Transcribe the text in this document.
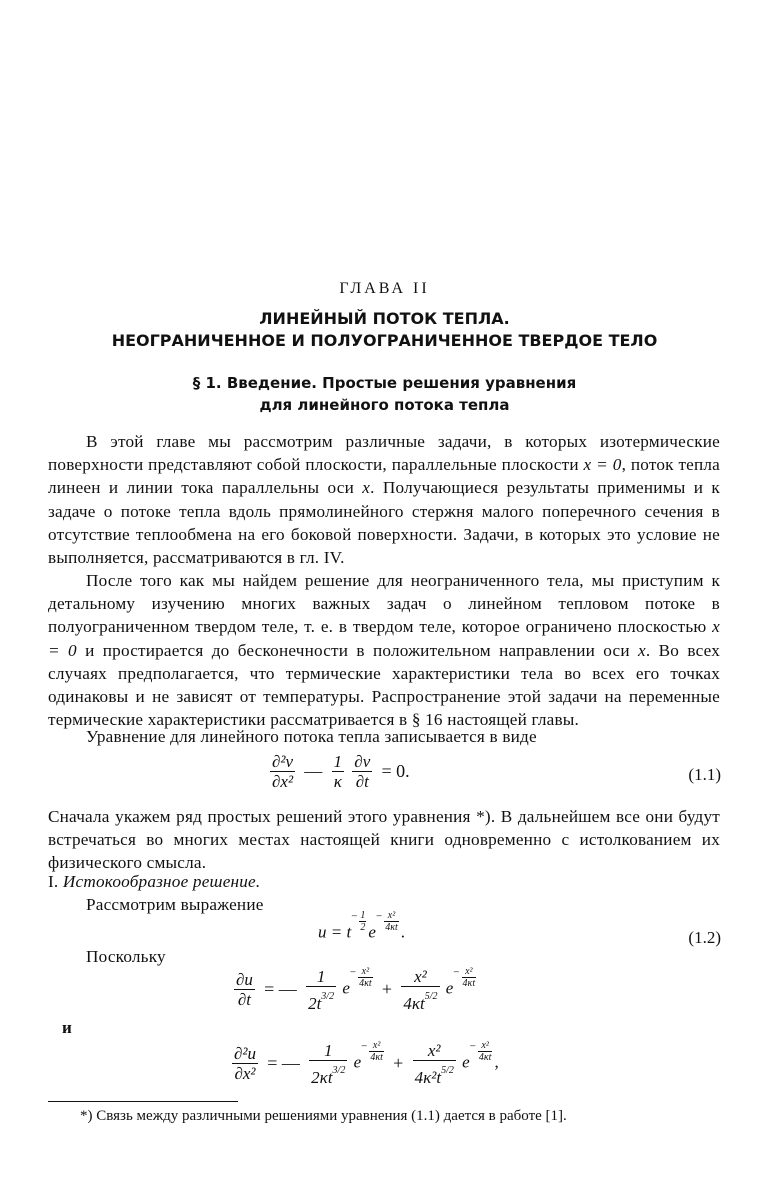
ГЛАВА II
ЛИНЕЙНЫЙ ПОТОК ТЕПЛА.
НЕОГРАНИЧЕННОЕ И ПОЛУОГРАНИЧЕННОЕ ТВЕРДОЕ ТЕЛО
§ 1. Введение. Простые решения уравнения
для линейного потока тепла

В этой главе мы рассмотрим различные задачи, в которых изотермические поверхности представляют собой плоскости, параллельные плоскости x = 0, поток тепла линеен и линии тока параллельны оси x. Получающиеся результаты применимы и к задаче о потоке тепла вдоль прямолинейного стержня малого поперечного сечения в отсутствие теплообмена на его боковой поверхности. Задачи, в которых это условие не выполняется, рассматриваются в гл. IV.

После того как мы найдем решение для неограниченного тела, мы приступим к детальному изучению многих важных задач о линейном тепловом потоке в полуограниченном твердом теле, т. е. в твердом теле, которое ограничено плоскостью x = 0 и простирается до бесконечности в положительном направлении оси x. Во всех случаях предполагается, что термические характеристики тела во всех его точках одинаковы и не зависят от температуры. Распространение этой задачи на переменные термические характеристики рассматривается в § 16 настоящей главы.

Уравнение для линейного потока тепла записывается в виде

$\frac{\text{∂²v}}{\text{∂x²}}$ — $\frac{1}{\kappa}$
$\frac{\partial v}{\partial t} = 0$.	(1.1)

Сначала укажем ряд простых решений этого уравнения *). В дальнейшем все они будут встречаться во многих местах настоящей книги одновременно с истолкованием их физического смысла.

I. Истокообразное решение.

Рассмотрим выражение

$u = t^- \frac{1}{2} e^- \frac{\text{x²}}{4\kappa t}$ .	(1.2)

Поскольку

$\frac{\partial u}{\partial t}$ = — $\frac{1}{2t^{3/2}} e^- \frac{\text{x²}}{4\kappa t} + \frac{\text{x²}}{4\kappa t^{5/2}} e^- \frac{\text{x²}}{4\kappa t}$
и
$\frac{\text{∂²u}}{\text{∂x²}}$ = — $\frac{1}{2\kappa t^{3/2}} e^- \frac{\text{x²}}{4\kappa t} + \frac{\text{x²}}{4\kappa^2t^{5/2}} e^- \frac{\text{x²}}{4\kappa t}$ ,
*) Связь между различными решениями уравнения (1.1) дается в работе [1].
